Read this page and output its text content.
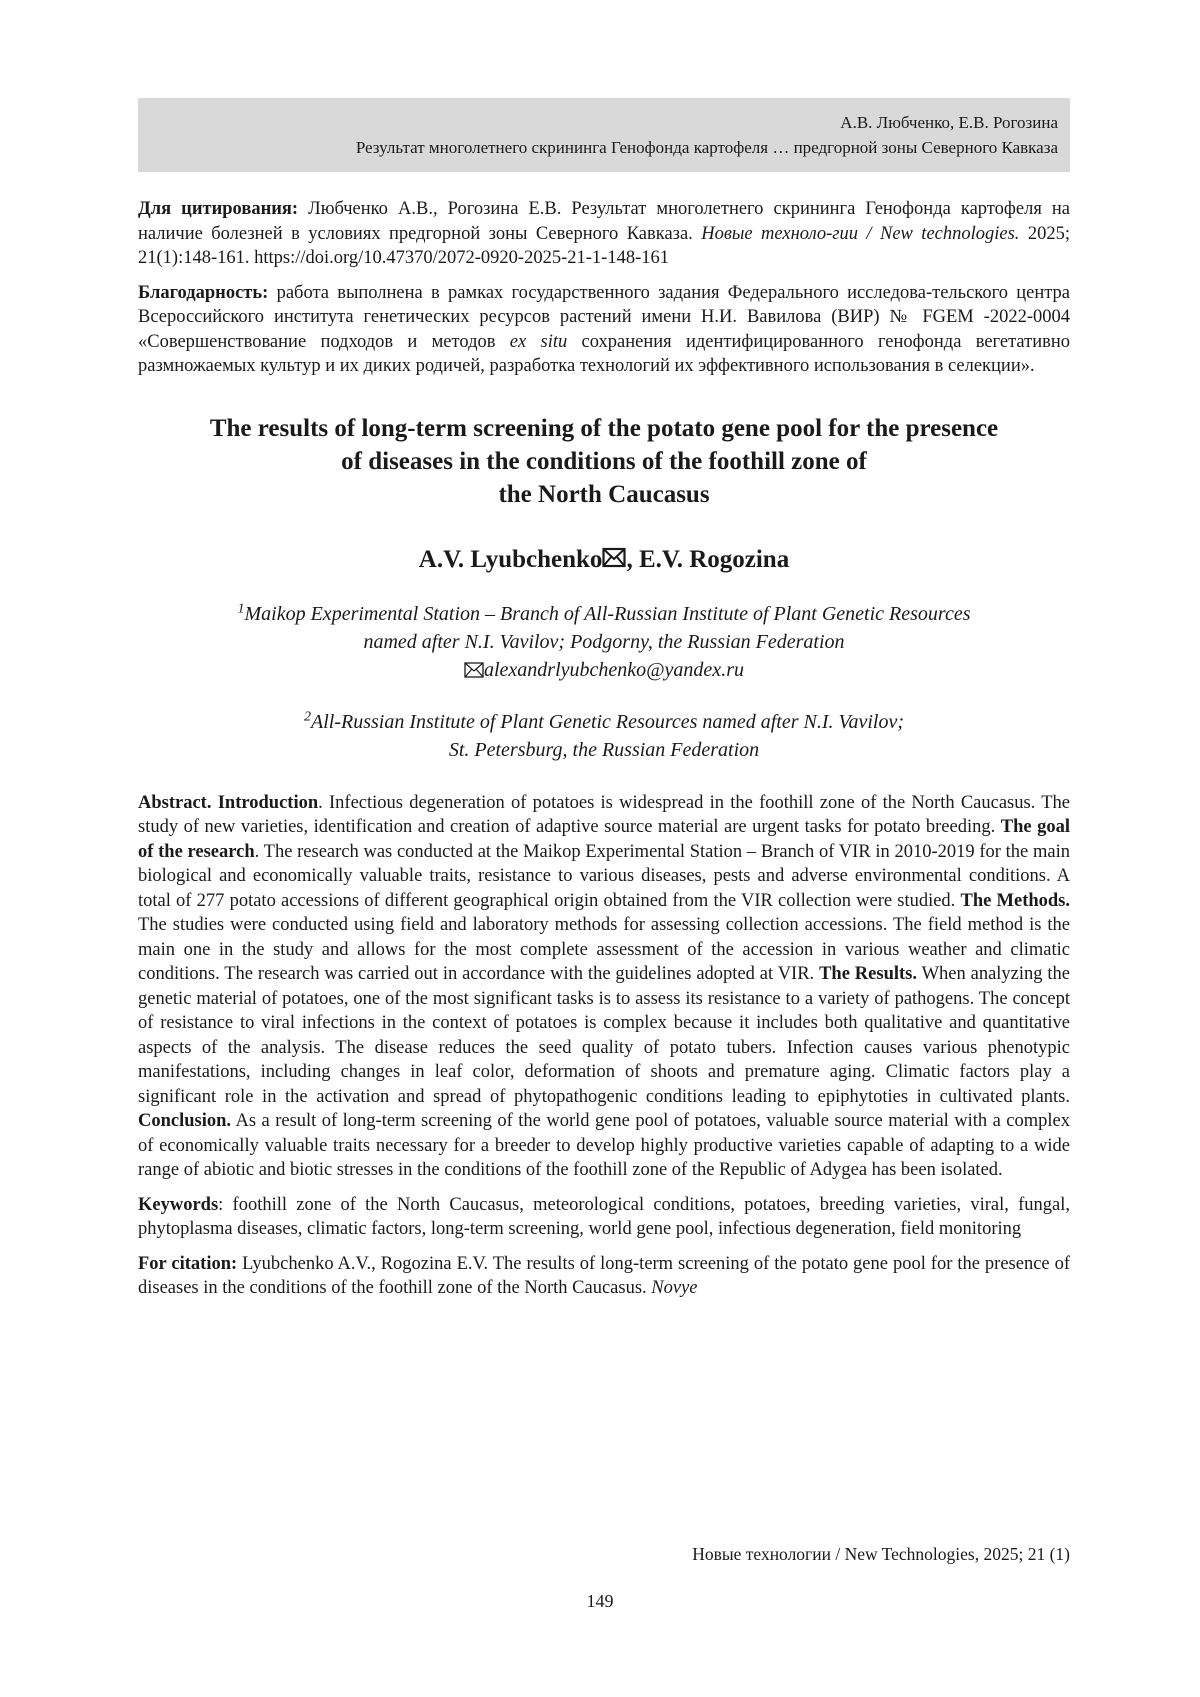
А.В. Любченко, Е.В. Рогозина
Результат многолетнего скрининга Генофонда картофеля … предгорной зоны Северного Кавказа

Для цитирования: Любченко А.В., Рогозина Е.В. Результат многолетнего скрининга Генофонда картофеля на наличие болезней в условиях предгорной зоны Северного Кавказа. Новые техноло-гии / New technologies. 2025; 21(1):148-161. https://doi.org/10.47370/2072-0920-2025-21-1-148-161

Благодарность: работа выполнена в рамках государственного задания Федерального исследова-тельского центра Всероссийского института генетических ресурсов растений имени Н.И. Вавилова (ВИР) № FGEM -2022-0004 «Совершенствование подходов и методов ex situ сохранения идентифицированного генофонда вегетативно размножаемых культур и их диких родичей, разработка технологий их эффективного использования в селекции».

The results of long-term screening of the potato gene pool for the presence
of diseases in the conditions of the foothill zone of
the North Caucasus
A.V. Lyubchenko , E.V. Rogozina
$^1$Maikop Experimental Station – Branch of All-Russian Institute of Plant Genetic Resources
named after N.I. Vavilov; Podgorny, the Russian Federation
alexandrlyubchenko@yandex.ru
$^2$All-Russian Institute of Plant Genetic Resources named after N.I. Vavilov;
St. Petersburg, the Russian Federation

Abstract. Introduction. Infectious degeneration of potatoes is widespread in the foothill zone of the North Caucasus. The study of new varieties, identification and creation of adaptive source material are urgent tasks for potato breeding. The goal of the research. The research was conducted at the Maikop Experimental Station – Branch of VIR in 2010-2019 for the main biological and economically valuable traits, resistance to various diseases, pests and adverse environmental conditions. A total of 277 potato accessions of different geographical origin obtained from the VIR collection were studied. The Methods. The studies were conducted using field and laboratory methods for assessing collection accessions. The field method is the main one in the study and allows for the most complete assessment of the accession in various weather and climatic conditions. The research was carried out in accordance with the guidelines adopted at VIR. The Results. When analyzing the genetic material of potatoes, one of the most significant tasks is to assess its resistance to a variety of pathogens. The concept of resistance to viral infections in the context of potatoes is complex because it includes both qualitative and quantitative aspects of the analysis. The disease reduces the seed quality of potato tubers. Infection causes various phenotypic manifestations, including changes in leaf color, deformation of shoots and premature aging. Climatic factors play a significant role in the activation and spread of phytopathogenic conditions leading to epiphytoties in cultivated plants. Conclusion. As a result of long-term screening of the world gene pool of potatoes, valuable source material with a complex of economically valuable traits necessary for a breeder to develop highly productive varieties capable of adapting to a wide range of abiotic and biotic stresses in the conditions of the foothill zone of the Republic of Adygea has been isolated.

Keywords: foothill zone of the North Caucasus, meteorological conditions, potatoes, breeding varieties, viral, fungal, phytoplasma diseases, climatic factors, long-term screening, world gene pool, infectious degeneration, field monitoring

For citation: Lyubchenko A.V., Rogozina E.V. The results of long-term screening of the potato gene pool for the presence of diseases in the conditions of the foothill zone of the North Caucasus. Novye

Новые технологии / New Technologies, 2025; 21 (1)
149
